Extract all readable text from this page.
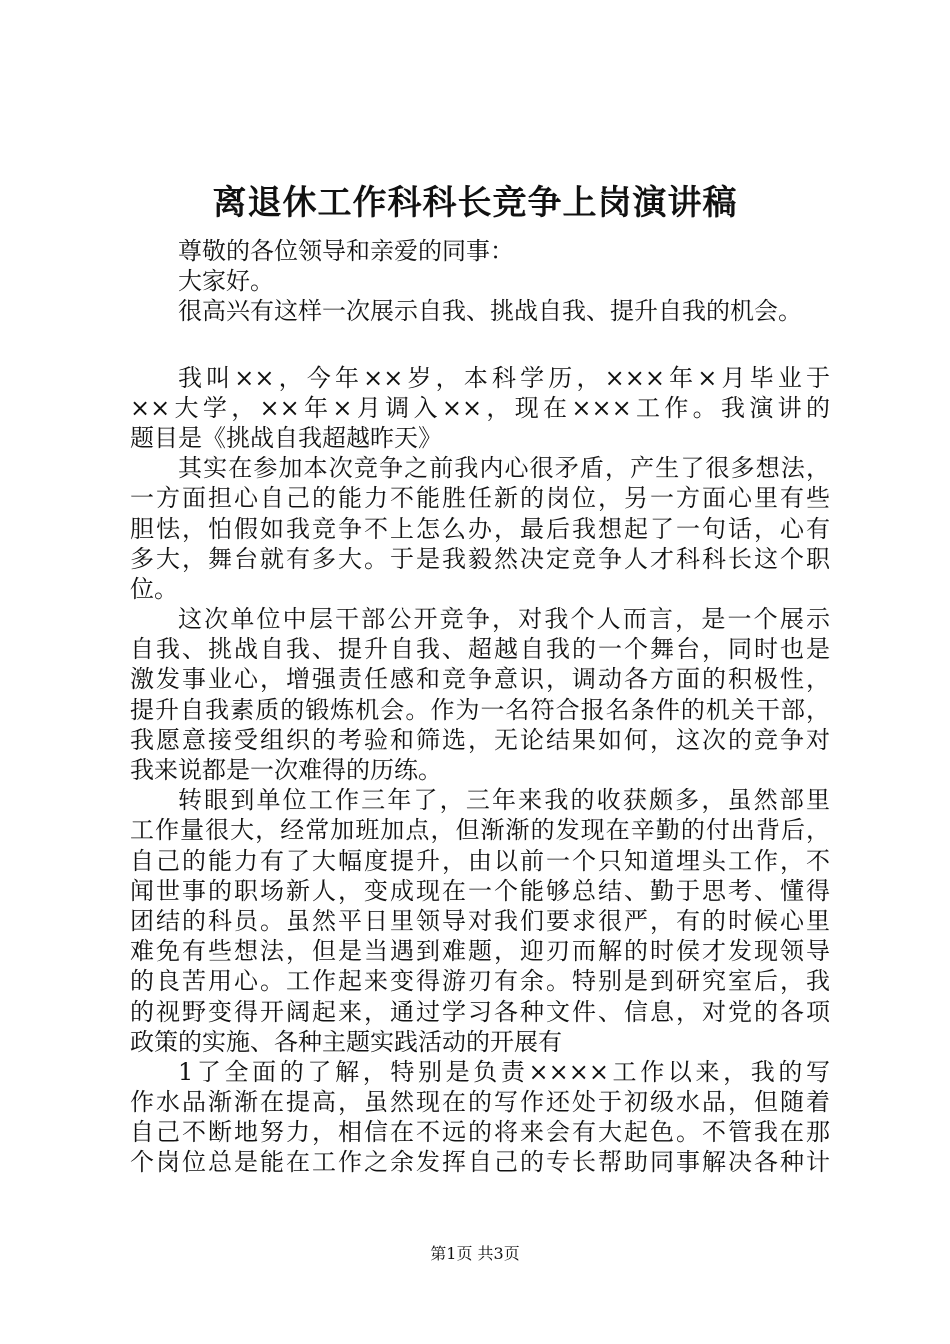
离退休工作科科长竞争上岗演讲稿
尊敬的各位领导和亲爱的同事：
大家好。
很高兴有这样一次展示自我、挑战自我、提升自我的机会。
我叫××，今年××岁，本科学历，×××年×月毕业于
××大学，××年×月调入××，现在×××工作。我演讲的
题目是《挑战自我超越昨天》
其实在参加本次竞争之前我内心很矛盾，产生了很多想法，
一方面担心自己的能力不能胜任新的岗位，另一方面心里有些
胆怯，怕假如我竞争不上怎么办，最后我想起了一句话，心有
多大，舞台就有多大。于是我毅然决定竞争人才科科长这个职
位。
这次单位中层干部公开竞争，对我个人而言，是一个展示
自我、挑战自我、提升自我、超越自我的一个舞台，同时也是
激发事业心，增强责任感和竞争意识，调动各方面的积极性，
提升自我素质的锻炼机会。作为一名符合报名条件的机关干部，
我愿意接受组织的考验和筛选，无论结果如何，这次的竞争对
我来说都是一次难得的历练。
转眼到单位工作三年了，三年来我的收获颇多，虽然部里
工作量很大，经常加班加点，但渐渐的发现在辛勤的付出背后，
自己的能力有了大幅度提升，由以前一个只知道埋头工作，不
闻世事的职场新人，变成现在一个能够总结、勤于思考、懂得
团结的科员。虽然平日里领导对我们要求很严，有的时候心里
难免有些想法，但是当遇到难题，迎刃而解的时侯才发现领导
的良苦用心。工作起来变得游刃有余。特别是到研究室后，我
的视野变得开阔起来，通过学习各种文件、信息，对党的各项
政策的实施、各种主题实践活动的开展有
1了全面的了解，特别是负责××××工作以来，我的写
作水品渐渐在提高，虽然现在的写作还处于初级水品，但随着
自己不断地努力，相信在不远的将来会有大起色。不管我在那
个岗位总是能在工作之余发挥自己的专长帮助同事解决各种计
第1页 共3页
